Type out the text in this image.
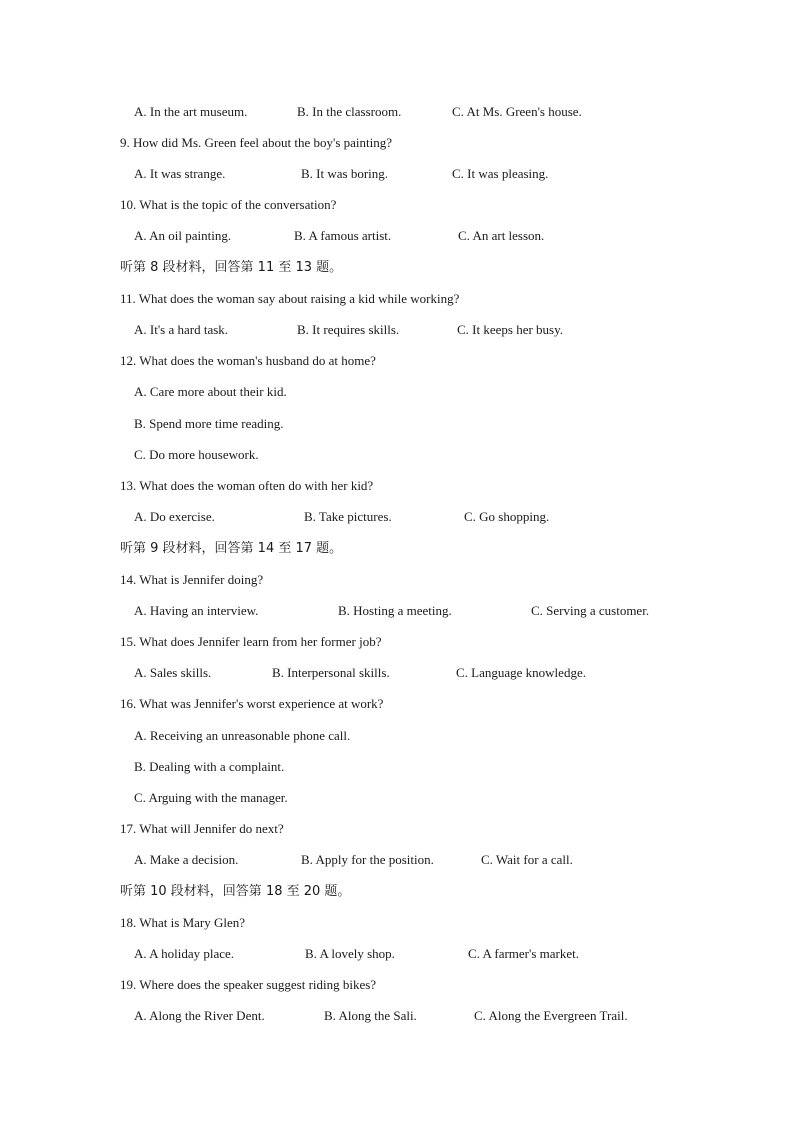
A. In the art museum.	B. In the classroom.	C. At Ms. Green's house.
9. How did Ms. Green feel about the boy's painting?
A. It was strange.	B. It was boring.	C. It was pleasing.
10. What is the topic of the conversation?
A. An oil painting.	B. A famous artist.	C. An art lesson.
听第 8 段材料，回答第 11 至 13 题。
11. What does the woman say about raising a kid while working?
A. It's a hard task.	B. It requires skills.	C. It keeps her busy.
12. What does the woman's husband do at home?
A. Care more about their kid.
B. Spend more time reading.
C. Do more housework.
13. What does the woman often do with her kid?
A. Do exercise.	B. Take pictures.	C. Go shopping.
听第 9 段材料，回答第 14 至 17 题。
14. What is Jennifer doing?
A. Having an interview.	B. Hosting a meeting.	C. Serving a customer.
15. What does Jennifer learn from her former job?
A. Sales skills.	B. Interpersonal skills.	C. Language knowledge.
16. What was Jennifer's worst experience at work?
A. Receiving an unreasonable phone call.
B. Dealing with a complaint.
C. Arguing with the manager.
17. What will Jennifer do next?
A. Make a decision.	B. Apply for the position.	C. Wait for a call.
听第 10 段材料，回答第 18 至 20 题。
18. What is Mary Glen?
A. A holiday place.	B. A lovely shop.	C. A farmer's market.
19. Where does the speaker suggest riding bikes?
A. Along the River Dent.	B. Along the Sali.	C. Along the Evergreen Trail.
